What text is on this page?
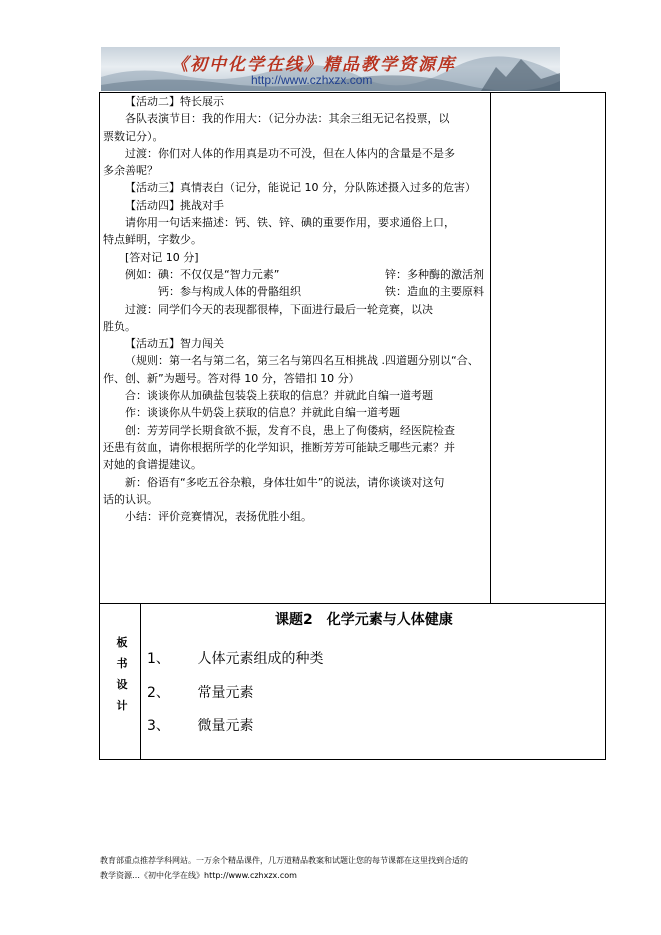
《初中化学在线》精品教学资源库
http://www.czhxzx.com

【活动二】特长展示

各队表演节目：我的作用大：（记分办法：其余三组无记名投票，以

票数记分）。

过渡：你们对人体的作用真是功不可没，但在人体内的含量是不是多

多余善呢？

【活动三】真情表白（记分，能说记 10 分，分队陈述摄入过多的危害）

【活动四】挑战对手

请你用一句话来描述：钙、铁、锌、碘的重要作用，要求通俗上口，

特点鲜明，字数少。

[答对记 10 分]

例如：碘：不仅仅是“智力元素”	锌：多种酶的激活剂
　　　钙：参与构成人体的骨骼组织	铁：造血的主要原料

过渡：同学们今天的表现都很棒，下面进行最后一轮竞赛，以决

胜负。

【活动五】智力闯关

（规则：第一名与第二名，第三名与第四名互相挑战 .四道题分别以“合、

作、创、新”为题号。答对得 10 分，答错扣 10 分）

合：谈谈你从加碘盐包装袋上获取的信息？并就此自编一道考题

作：谈谈你从牛奶袋上获取的信息？并就此自编一道考题

创：芳芳同学长期食欲不振，发育不良，患上了佝偻病，经医院检查

还患有贫血，请你根据所学的化学知识，推断芳芳可能缺乏哪些元素？并

对她的食谱提建议。

新：俗语有“多吃五谷杂粮，身体壮如牛”的说法，请你谈谈对这句

话的认识。

小结：评价竞赛情况，表扬优胜小组。

板
书
设
计
课题2　化学元素与人体健康
1、 人体元素组成的种类
2、 常量元素
3、 微量元素
教育部重点推荐学科网站。一万余个精品课件，几万道精品教案和试题让您的每节课都在这里找到合适的
教学资源…《初中化学在线》http://www.czhxzx.com
